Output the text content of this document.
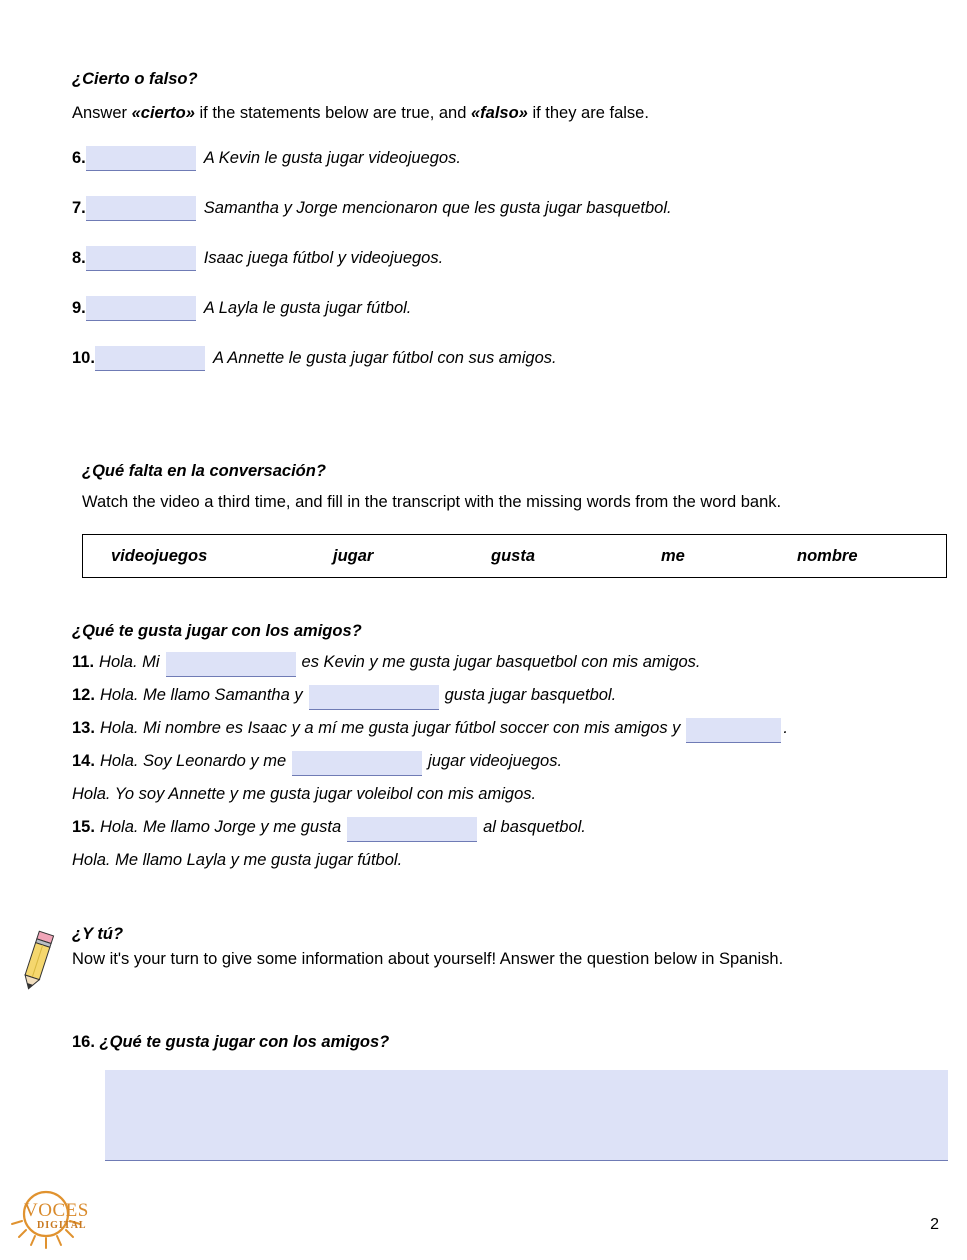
¿Cierto o falso?
Answer «cierto» if the statements below are true, and «falso» if they are false.
6.	A Kevin le gusta jugar videojuegos.
7.	Samantha y Jorge mencionaron que les gusta jugar basquetbol.
8.	Isaac juega fútbol y videojuegos.
9.	A Layla le gusta jugar fútbol.
10.	A Annette le gusta jugar fútbol con sus amigos.
¿Qué falta en la conversación?
Watch the video a third time, and fill in the transcript with the missing words from the word bank.
videojuegos	jugar	gusta	me	nombre
¿Qué te gusta jugar con los amigos?
11. Hola. Mi	es Kevin y me gusta jugar basquetbol con mis amigos.
12. Hola. Me llamo Samantha y	gusta jugar basquetbol.
13. Hola. Mi nombre es Isaac y a mí me gusta jugar fútbol soccer con mis amigos y	.
14. Hola. Soy Leonardo y me	jugar videojuegos.
Hola. Yo soy Annette y me gusta jugar voleibol con mis amigos.
15. Hola. Me llamo Jorge y me gusta	al basquetbol.
Hola. Me llamo Layla y me gusta jugar fútbol.
¿Y tú?
Now it's your turn to give some information about yourself! Answer the question below in Spanish.
16. ¿Qué te gusta jugar con los amigos?
VOCES
DIGITAL	2
